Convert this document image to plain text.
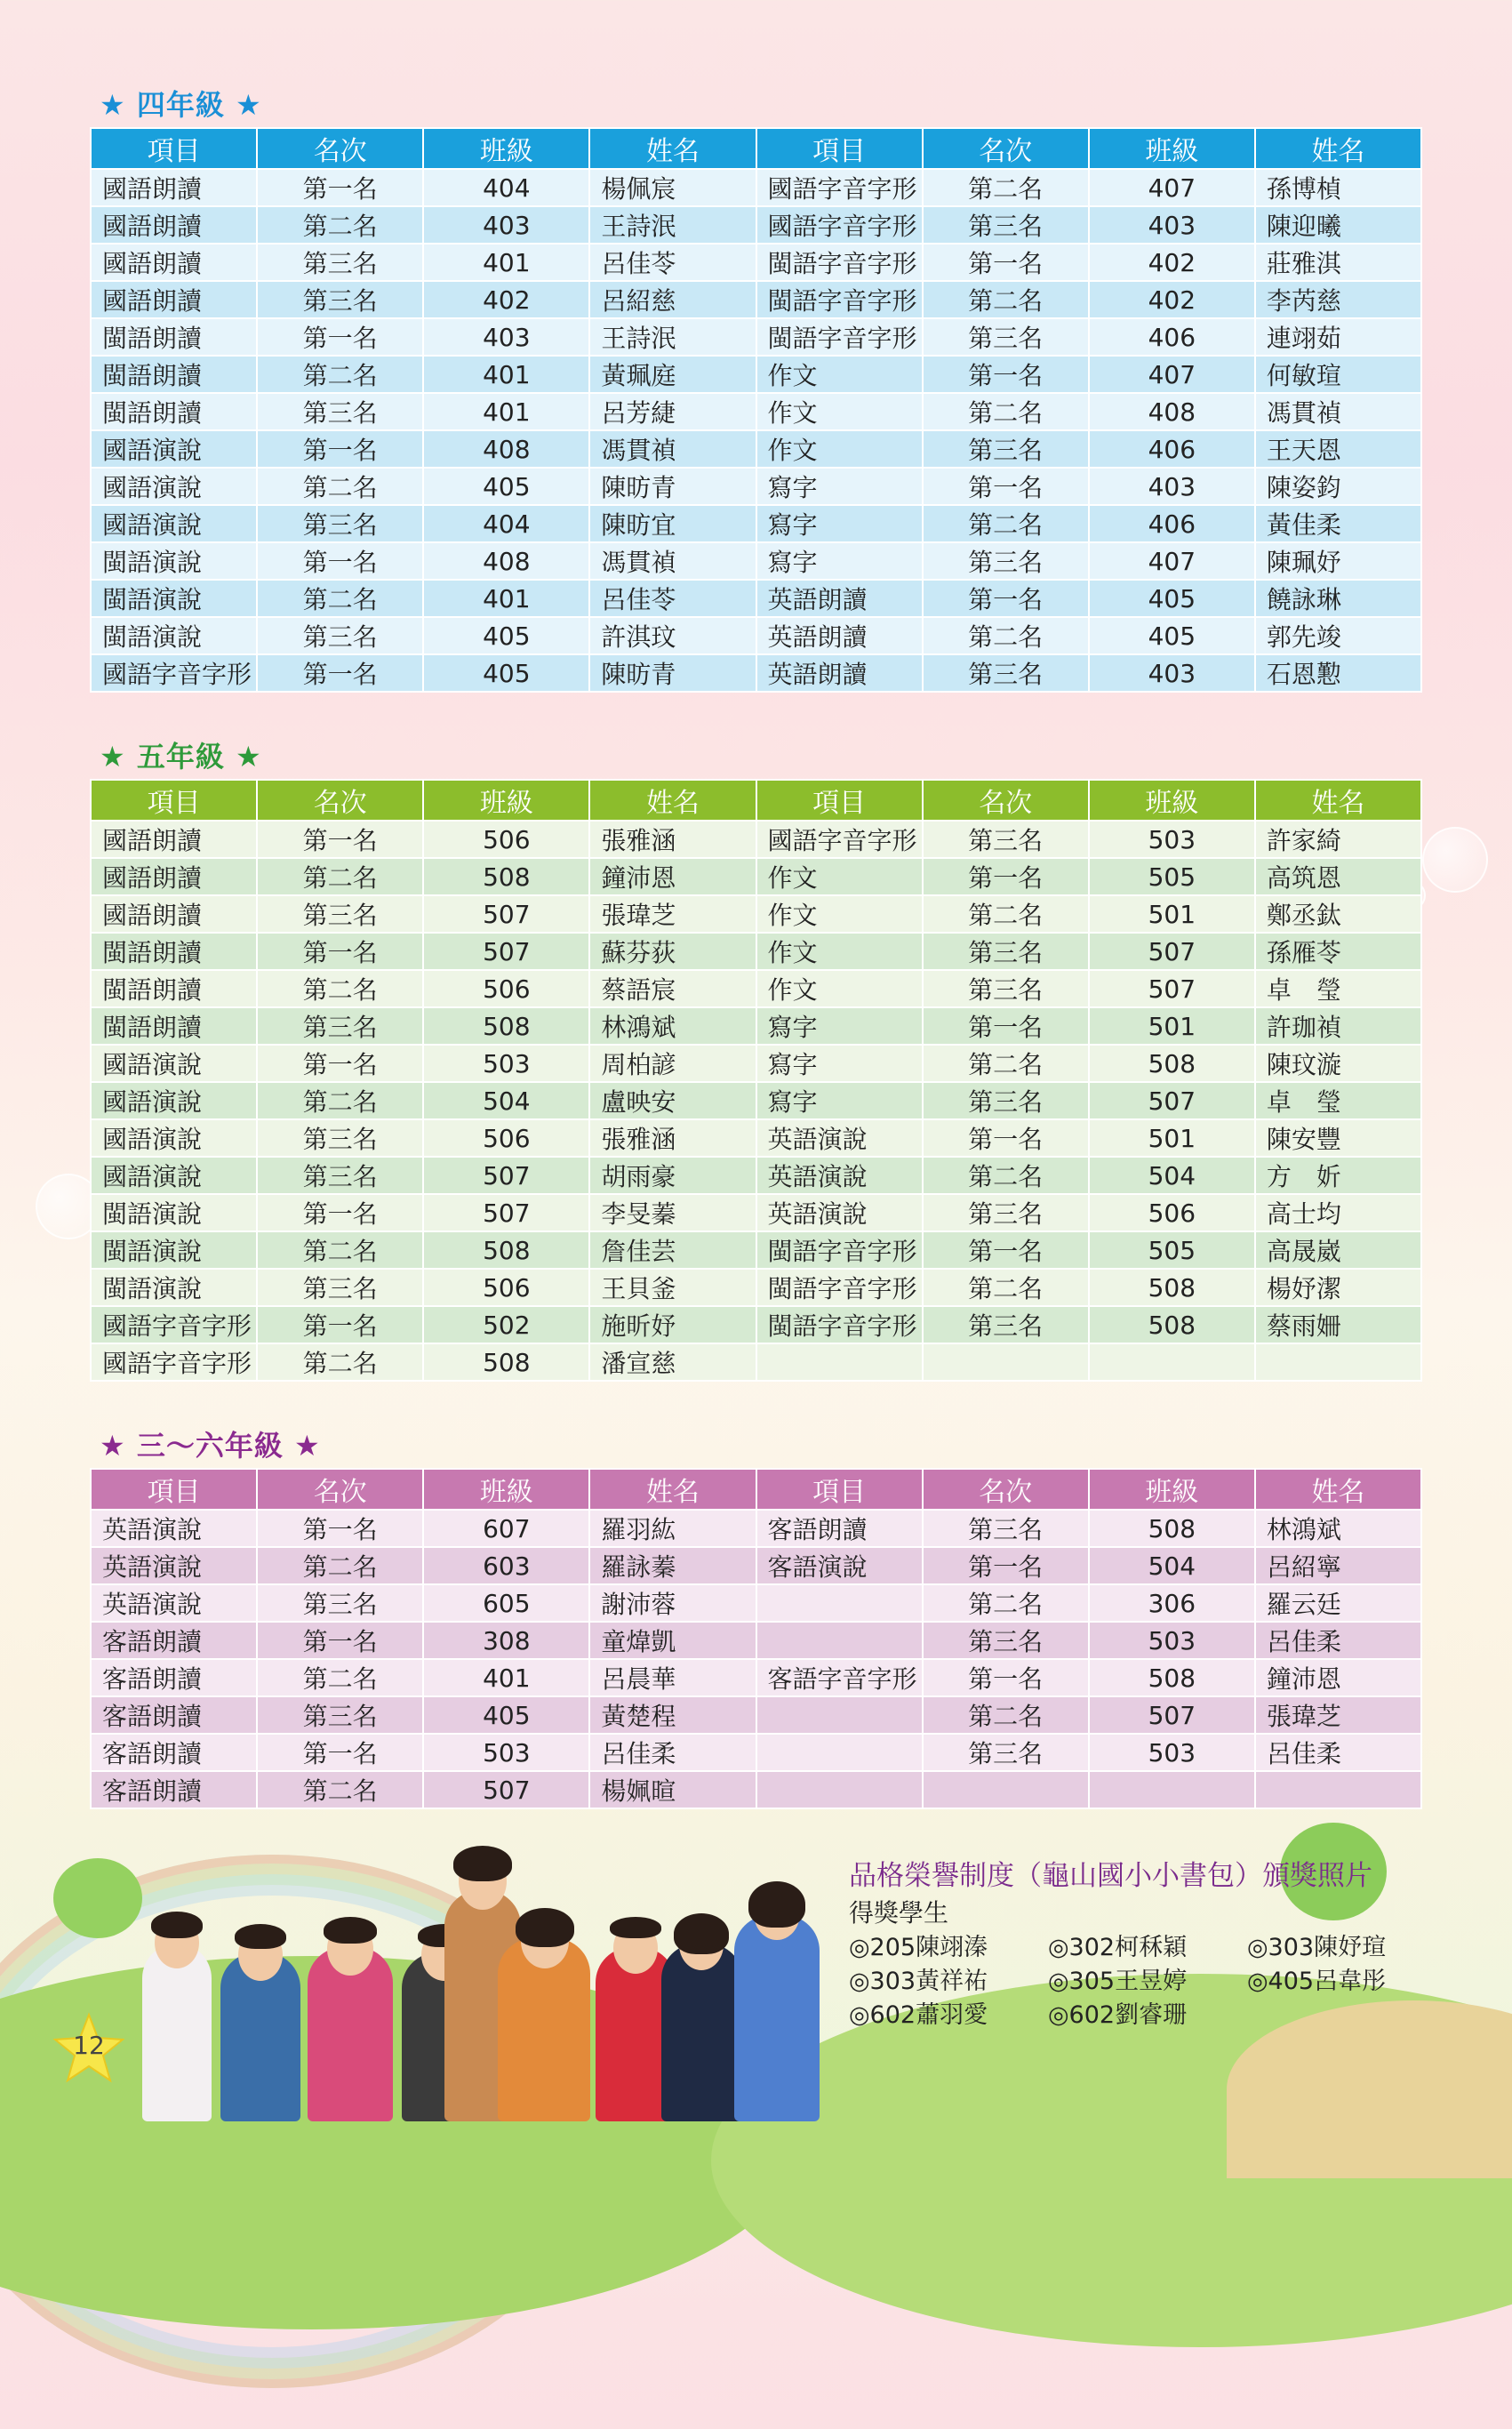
★ 四年級 ★
項目	名次	班級	姓名	項目	名次	班級	姓名
國語朗讀	第一名	404	楊佩宸	國語字音字形	第二名	407	孫博楨
國語朗讀	第二名	403	王詩泯	國語字音字形	第三名	403	陳迎曦
國語朗讀	第三名	401	呂佳苓	閩語字音字形	第一名	402	莊雅淇
國語朗讀	第三名	402	呂紹慈	閩語字音字形	第二名	402	李芮慈
閩語朗讀	第一名	403	王詩泯	閩語字音字形	第三名	406	連翊茹
閩語朗讀	第二名	401	黃珮庭	作文	第一名	407	何敏瑄
閩語朗讀	第三名	401	呂芳緁	作文	第二名	408	馮貫禎
國語演說	第一名	408	馮貫禎	作文	第三名	406	王天恩
國語演說	第二名	405	陳昉青	寫字	第一名	403	陳姿鈞
國語演說	第三名	404	陳昉宜	寫字	第二名	406	黃佳柔
閩語演說	第一名	408	馮貫禎	寫字	第三名	407	陳珮妤
閩語演說	第二名	401	呂佳苓	英語朗讀	第一名	405	饒詠琳
閩語演說	第三名	405	許淇玟	英語朗讀	第二名	405	郭先竣
國語字音字形	第一名	405	陳昉青	英語朗讀	第三名	403	石恩懃
★ 五年級 ★
項目	名次	班級	姓名	項目	名次	班級	姓名
國語朗讀	第一名	506	張雅涵	國語字音字形	第三名	503	許家綺
國語朗讀	第二名	508	鐘沛恩	作文	第一名	505	高筑恩
國語朗讀	第三名	507	張瑋芝	作文	第二名	501	鄭丞鈦
閩語朗讀	第一名	507	蘇芬荻	作文	第三名	507	孫雁苓
閩語朗讀	第二名	506	蔡語宸	作文	第三名	507	卓　瑩
閩語朗讀	第三名	508	林鴻斌	寫字	第一名	501	許珈禎
國語演說	第一名	503	周柏諺	寫字	第二名	508	陳玟漩
國語演說	第二名	504	盧映安	寫字	第三名	507	卓　瑩
國語演說	第三名	506	張雅涵	英語演說	第一名	501	陳安豐
國語演說	第三名	507	胡雨豪	英語演說	第二名	504	方　妡
閩語演說	第一名	507	李旻蓁	英語演說	第三名	506	高士均
閩語演說	第二名	508	詹佳芸	閩語字音字形	第一名	505	高晟崴
閩語演說	第三名	506	王貝釜	閩語字音字形	第二名	508	楊妤潔
國語字音字形	第一名	502	施昕妤	閩語字音字形	第三名	508	蔡雨姍
國語字音字形	第二名	508	潘宣慈				
★ 三～六年級 ★
項目	名次	班級	姓名	項目	名次	班級	姓名
英語演說	第一名	607	羅羽紘	客語朗讀	第三名	508	林鴻斌
英語演說	第二名	603	羅詠蓁	客語演說	第一名	504	呂紹寧
英語演說	第三名	605	謝沛蓉		第二名	306	羅云廷
客語朗讀	第一名	308	童煒凱		第三名	503	呂佳柔
客語朗讀	第二名	401	呂晨華	客語字音字形	第一名	508	鐘沛恩
客語朗讀	第三名	405	黃楚程		第二名	507	張瑋芝
客語朗讀	第一名	503	呂佳柔		第三名	503	呂佳柔
客語朗讀	第二名	507	楊姵暄				
品格榮譽制度（龜山國小小書包）頒獎照片
得獎學生
◎205陳翊溱	◎302柯秝穎	◎303陳妤瑄
◎303黃祥祐	◎305王昱婷	◎405呂韋彤
◎602蕭羽愛	◎602劉睿珊
12
